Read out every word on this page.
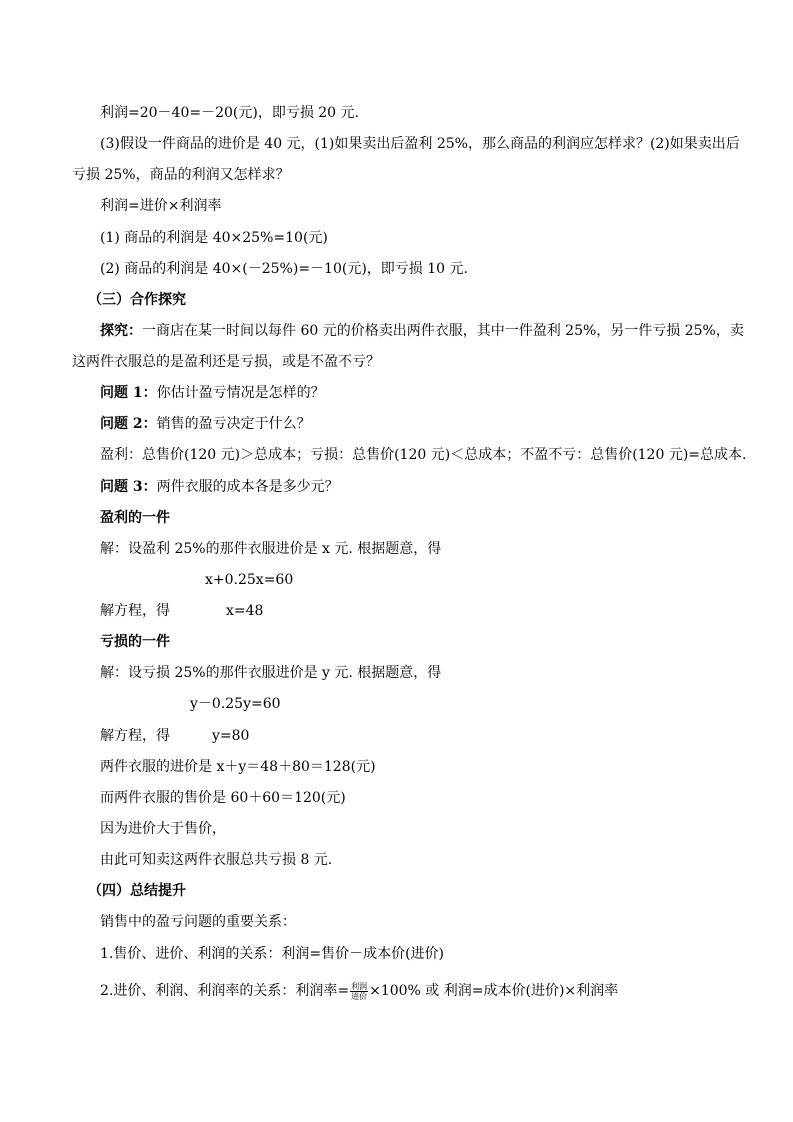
利润=20－40=－20(元)，即亏损 20 元.
(3)假设一件商品的进价是 40 元，(1)如果卖出后盈利 25%，那么商品的利润应怎样求？(2)如果卖出后
亏损 25%，商品的利润又怎样求？
利润=进价×利润率
(1) 商品的利润是 40×25%=10(元)
(2) 商品的利润是 40×(－25%)=－10(元)，即亏损 10 元.
（三）合作探究
探究：一商店在某一时间以每件 60 元的价格卖出两件衣服，其中一件盈利 25%，另一件亏损 25%，卖
这两件衣服总的是盈利还是亏损，或是不盈不亏？
问题 1：你估计盈亏情况是怎样的？
问题 2：销售的盈亏决定于什么？
盈利：总售价(120 元)＞总成本；亏损：总售价(120 元)＜总成本；不盈不亏：总售价(120 元)=总成本.
问题 3：两件衣服的成本各是多少元？
盈利的一件
解：设盈利 25%的那件衣服进价是 x 元. 根据题意，得
x+0.25x=60
解方程，得	x=48
亏损的一件
解：设亏损 25%的那件衣服进价是 y 元. 根据题意，得
y－0.25y=60
解方程，得	y=80
两件衣服的进价是 x＋y＝48＋80＝128(元)
而两件衣服的售价是 60＋60＝120(元)
因为进价大于售价，
由此可知卖这两件衣服总共亏损 8 元.
（四）总结提升
销售中的盈亏问题的重要关系：
1.售价、进价、利润的关系：利润=售价－成本价(进价)
2.进价、利润、利润率的关系：利润率= $\frac{\text{利润}}{\text{进价}} \times 100\%$ 或 利润=成本价(进价)×利润率
